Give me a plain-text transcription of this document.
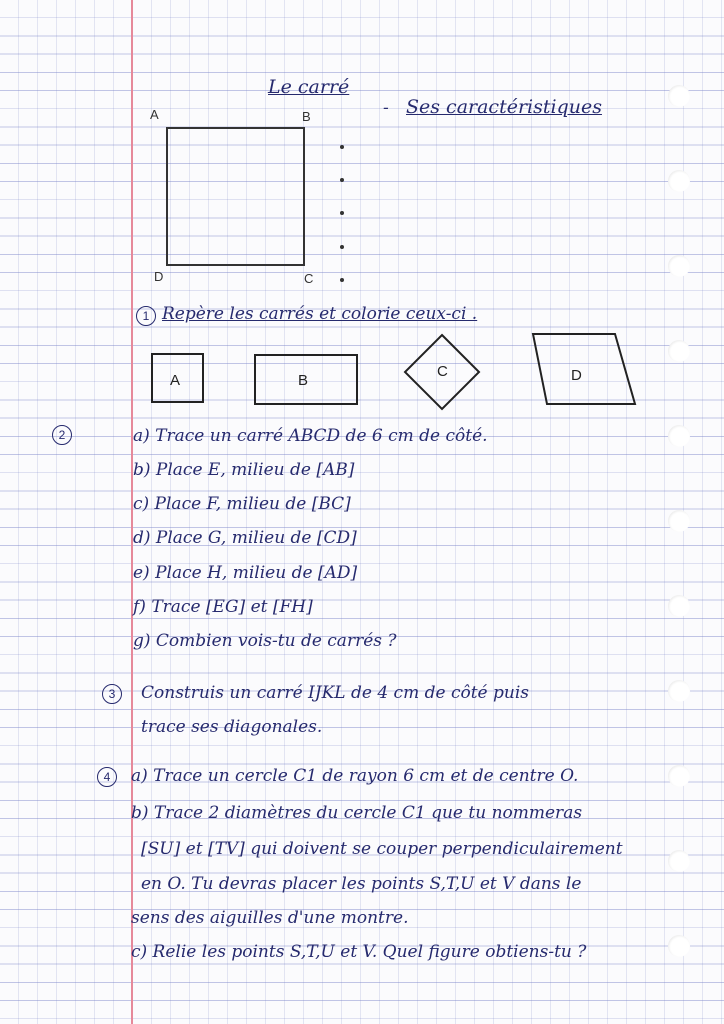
Le carré
- Ses caractéristiques
A	B
C
D
1 Repère les carrés et colorie ceux-ci .
A	B
C	D
2	a) Trace un carré ABCD de 6 cm de côté.
b) Place E, milieu de [AB]
c) Place F, milieu de [BC]
d) Place G, milieu de [CD]
e) Place H, milieu de [AD]
f) Trace [EG] et [FH]
g) Combien vois-tu de carrés ?
3	Construis un carré IJKL de 4 cm de côté puis
trace ses diagonales.
4	a) Trace un cercle C1 de rayon 6 cm et de centre O.
b) Trace 2 diamètres du cercle C1 que tu nommeras
[SU] et [TV] qui doivent se couper perpendiculairement
en O. Tu devras placer les points S,T,U et V dans le
sens des aiguilles d'une montre.
c) Relie les points S,T,U et V. Quel figure obtiens-tu ?
